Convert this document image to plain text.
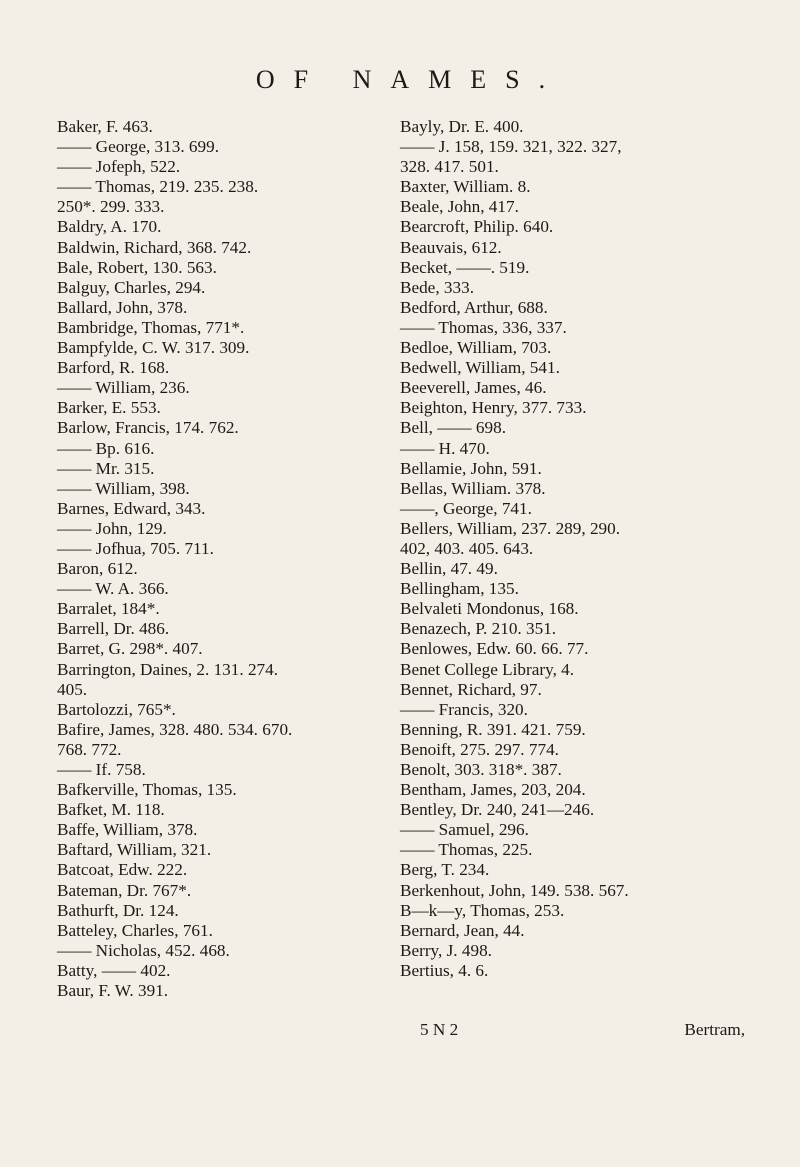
OF NAMES.
Baker, F. 463.
—— George, 313. 699.
—— Jofeph, 522.
—— Thomas, 219. 235. 238.
250*. 299. 333.
Baldry, A. 170.
Baldwin, Richard, 368. 742.
Bale, Robert, 130. 563.
Balguy, Charles, 294.
Ballard, John, 378.
Bambridge, Thomas, 771*.
Bampfylde, C. W. 317. 309.
Barford, R. 168.
—— William, 236.
Barker, E. 553.
Barlow, Francis, 174. 762.
—— Bp. 616.
—— Mr. 315.
—— William, 398.
Barnes, Edward, 343.
—— John, 129.
—— Jofhua, 705. 711.
Baron, 612.
—— W. A. 366.
Barralet, 184*.
Barrell, Dr. 486.
Barret, G. 298*. 407.
Barrington, Daines, 2. 131. 274.
405.
Bartolozzi, 765*.
Bafire, James, 328. 480. 534. 670.
768. 772.
—— If. 758.
Bafkerville, Thomas, 135.
Bafket, M. 118.
Baffe, William, 378.
Baftard, William, 321.
Batcoat, Edw. 222.
Bateman, Dr. 767*.
Bathurft, Dr. 124.
Batteley, Charles, 761.
—— Nicholas, 452. 468.
Batty, —— 402.
Baur, F. W. 391.
Bayly, Dr. E. 400.
—— J. 158, 159. 321, 322. 327,
328. 417. 501.
Baxter, William. 8.
Beale, John, 417.
Bearcroft, Philip. 640.
Beauvais, 612.
Becket, ——. 519.
Bede, 333.
Bedford, Arthur, 688.
—— Thomas, 336, 337.
Bedloe, William, 703.
Bedwell, William, 541.
Beeverell, James, 46.
Beighton, Henry, 377. 733.
Bell, —— 698.
—— H. 470.
Bellamie, John, 591.
Bellas, William. 378.
——, George, 741.
Bellers, William, 237. 289, 290.
402, 403. 405. 643.
Bellin, 47. 49.
Bellingham, 135.
Belvaleti Mondonus, 168.
Benazech, P. 210. 351.
Benlowes, Edw. 60. 66. 77.
Benet College Library, 4.
Bennet, Richard, 97.
—— Francis, 320.
Benning, R. 391. 421. 759.
Benoift, 275. 297. 774.
Benolt, 303. 318*. 387.
Bentham, James, 203, 204.
Bentley, Dr. 240, 241—246.
—— Samuel, 296.
—— Thomas, 225.
Berg, T. 234.
Berkenhout, John, 149. 538. 567.
B—k—y, Thomas, 253.
Bernard, Jean, 44.
Berry, J. 498.
Bertius, 4. 6.
5 N 2	Bertram,
